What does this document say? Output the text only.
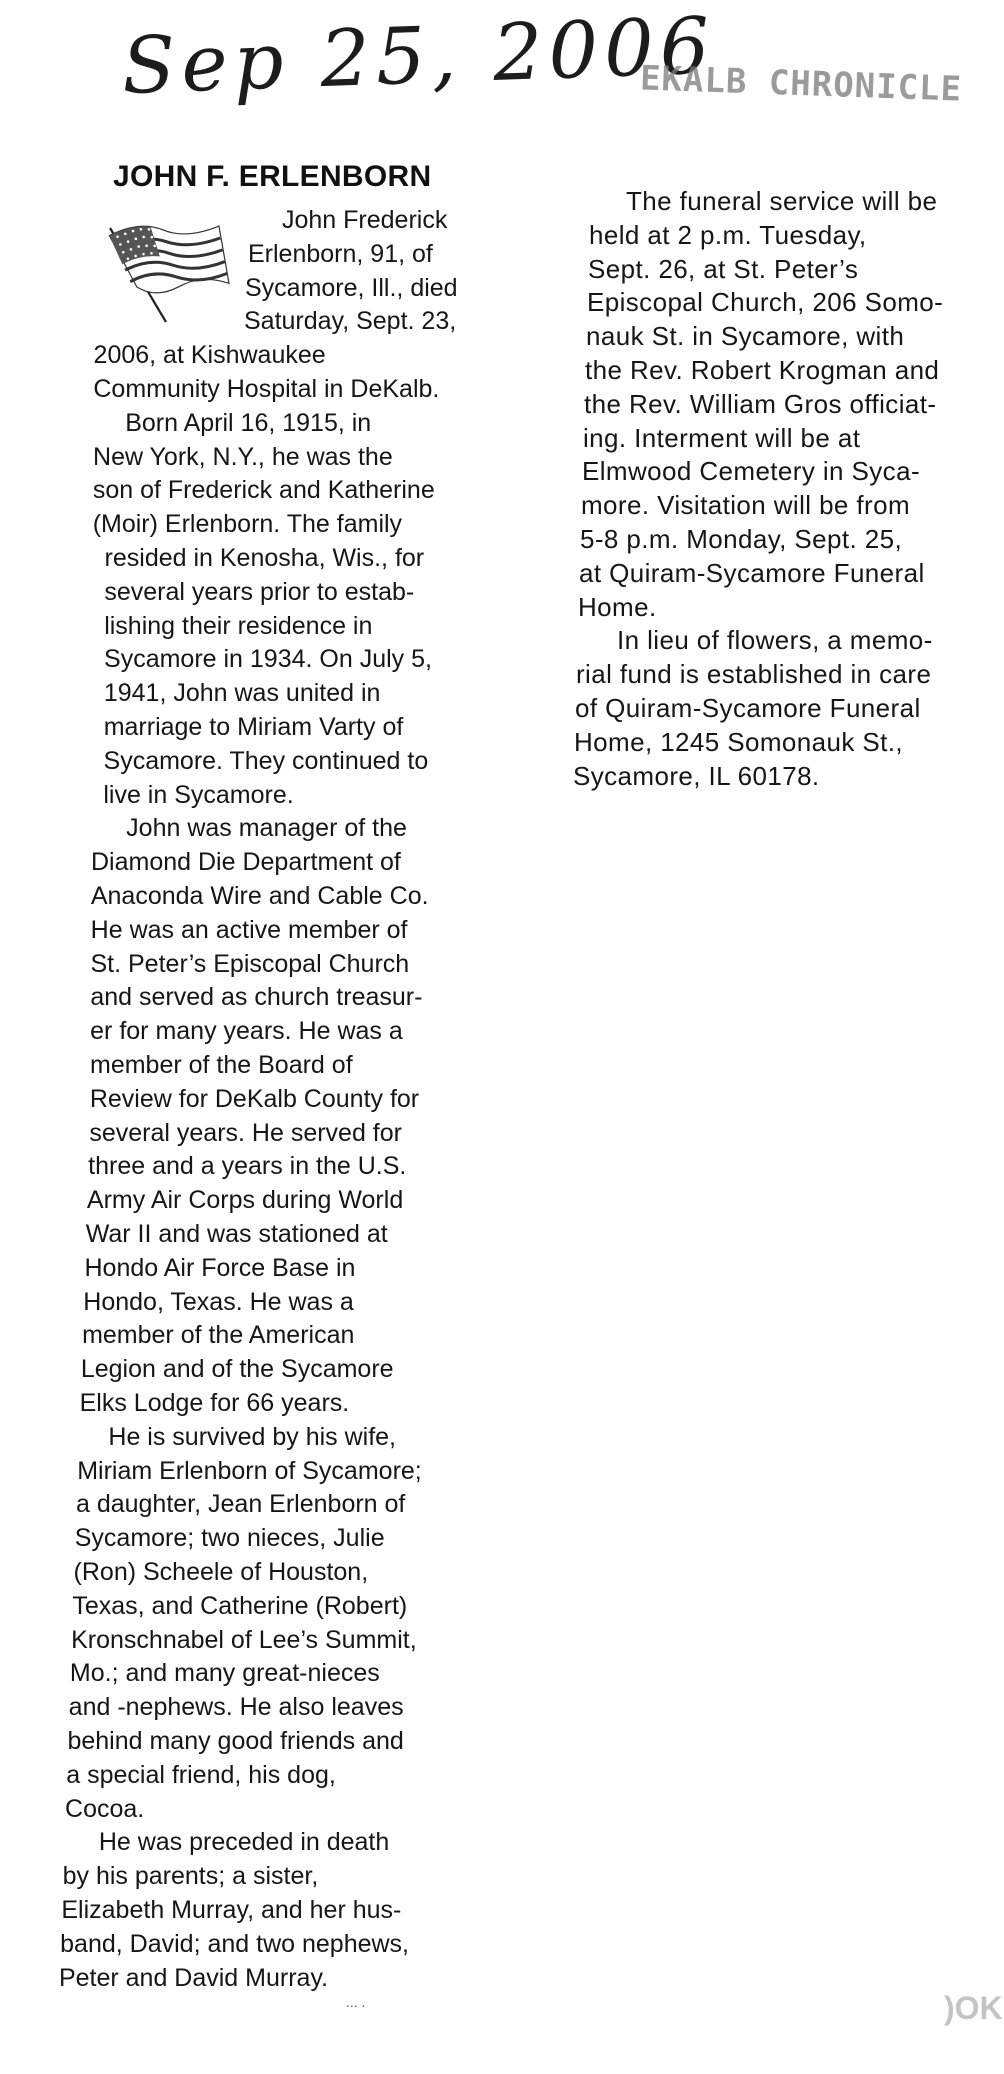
Sep 25, 2006
EKALB CHRONICLE
JOHN F. ERLENBORN
John Frederick
Erlenborn, 91, of
Sycamore, Ill., died
Saturday, Sept. 23,
2006, at Kishwaukee
Community Hospital in DeKalb.
Born April 16, 1915, in
New York, N.Y., he was the
son of Frederick and Katherine
(Moir) Erlenborn. The family
resided in Kenosha, Wis., for
several years prior to estab-
lishing their residence in
Sycamore in 1934. On July 5,
1941, John was united in
marriage to Miriam Varty of
Sycamore. They continued to
live in Sycamore.
John was manager of the
Diamond Die Department of
Anaconda Wire and Cable Co.
He was an active member of
St. Peter’s Episcopal Church
and served as church treasur-
er for many years. He was a
member of the Board of
Review for DeKalb County for
several years. He served for
three and a years in the U.S.
Army Air Corps during World
War II and was stationed at
Hondo Air Force Base in
Hondo, Texas. He was a
member of the American
Legion and of the Sycamore
Elks Lodge for 66 years.
He is survived by his wife,
Miriam Erlenborn of Sycamore;
a daughter, Jean Erlenborn of
Sycamore; two nieces, Julie
(Ron) Scheele of Houston,
Texas, and Catherine (Robert)
Kronschnabel of Lee’s Summit,
Mo.; and many great-nieces
and -nephews. He also leaves
behind many good friends and
a special friend, his dog,
Cocoa.
He was preceded in death
by his parents; a sister,
Elizabeth Murray, and her hus-
band, David; and two nephews,
Peter and David Murray.
The funeral service will be
held at 2 p.m. Tuesday,
Sept. 26, at St. Peter’s
Episcopal Church, 206 Somo-
nauk St. in Sycamore, with
the Rev. Robert Krogman and
the Rev. William Gros officiat-
ing. Interment will be at
Elmwood Cemetery in Syca-
more. Visitation will be from
5-8 p.m. Monday, Sept. 25,
at Quiram-Sycamore Funeral
Home.
In lieu of flowers, a memo-
rial fund is established in care
of Quiram-Sycamore Funeral
Home, 1245 Somonauk St.,
Sycamore, IL 60178.
... .	)OK
